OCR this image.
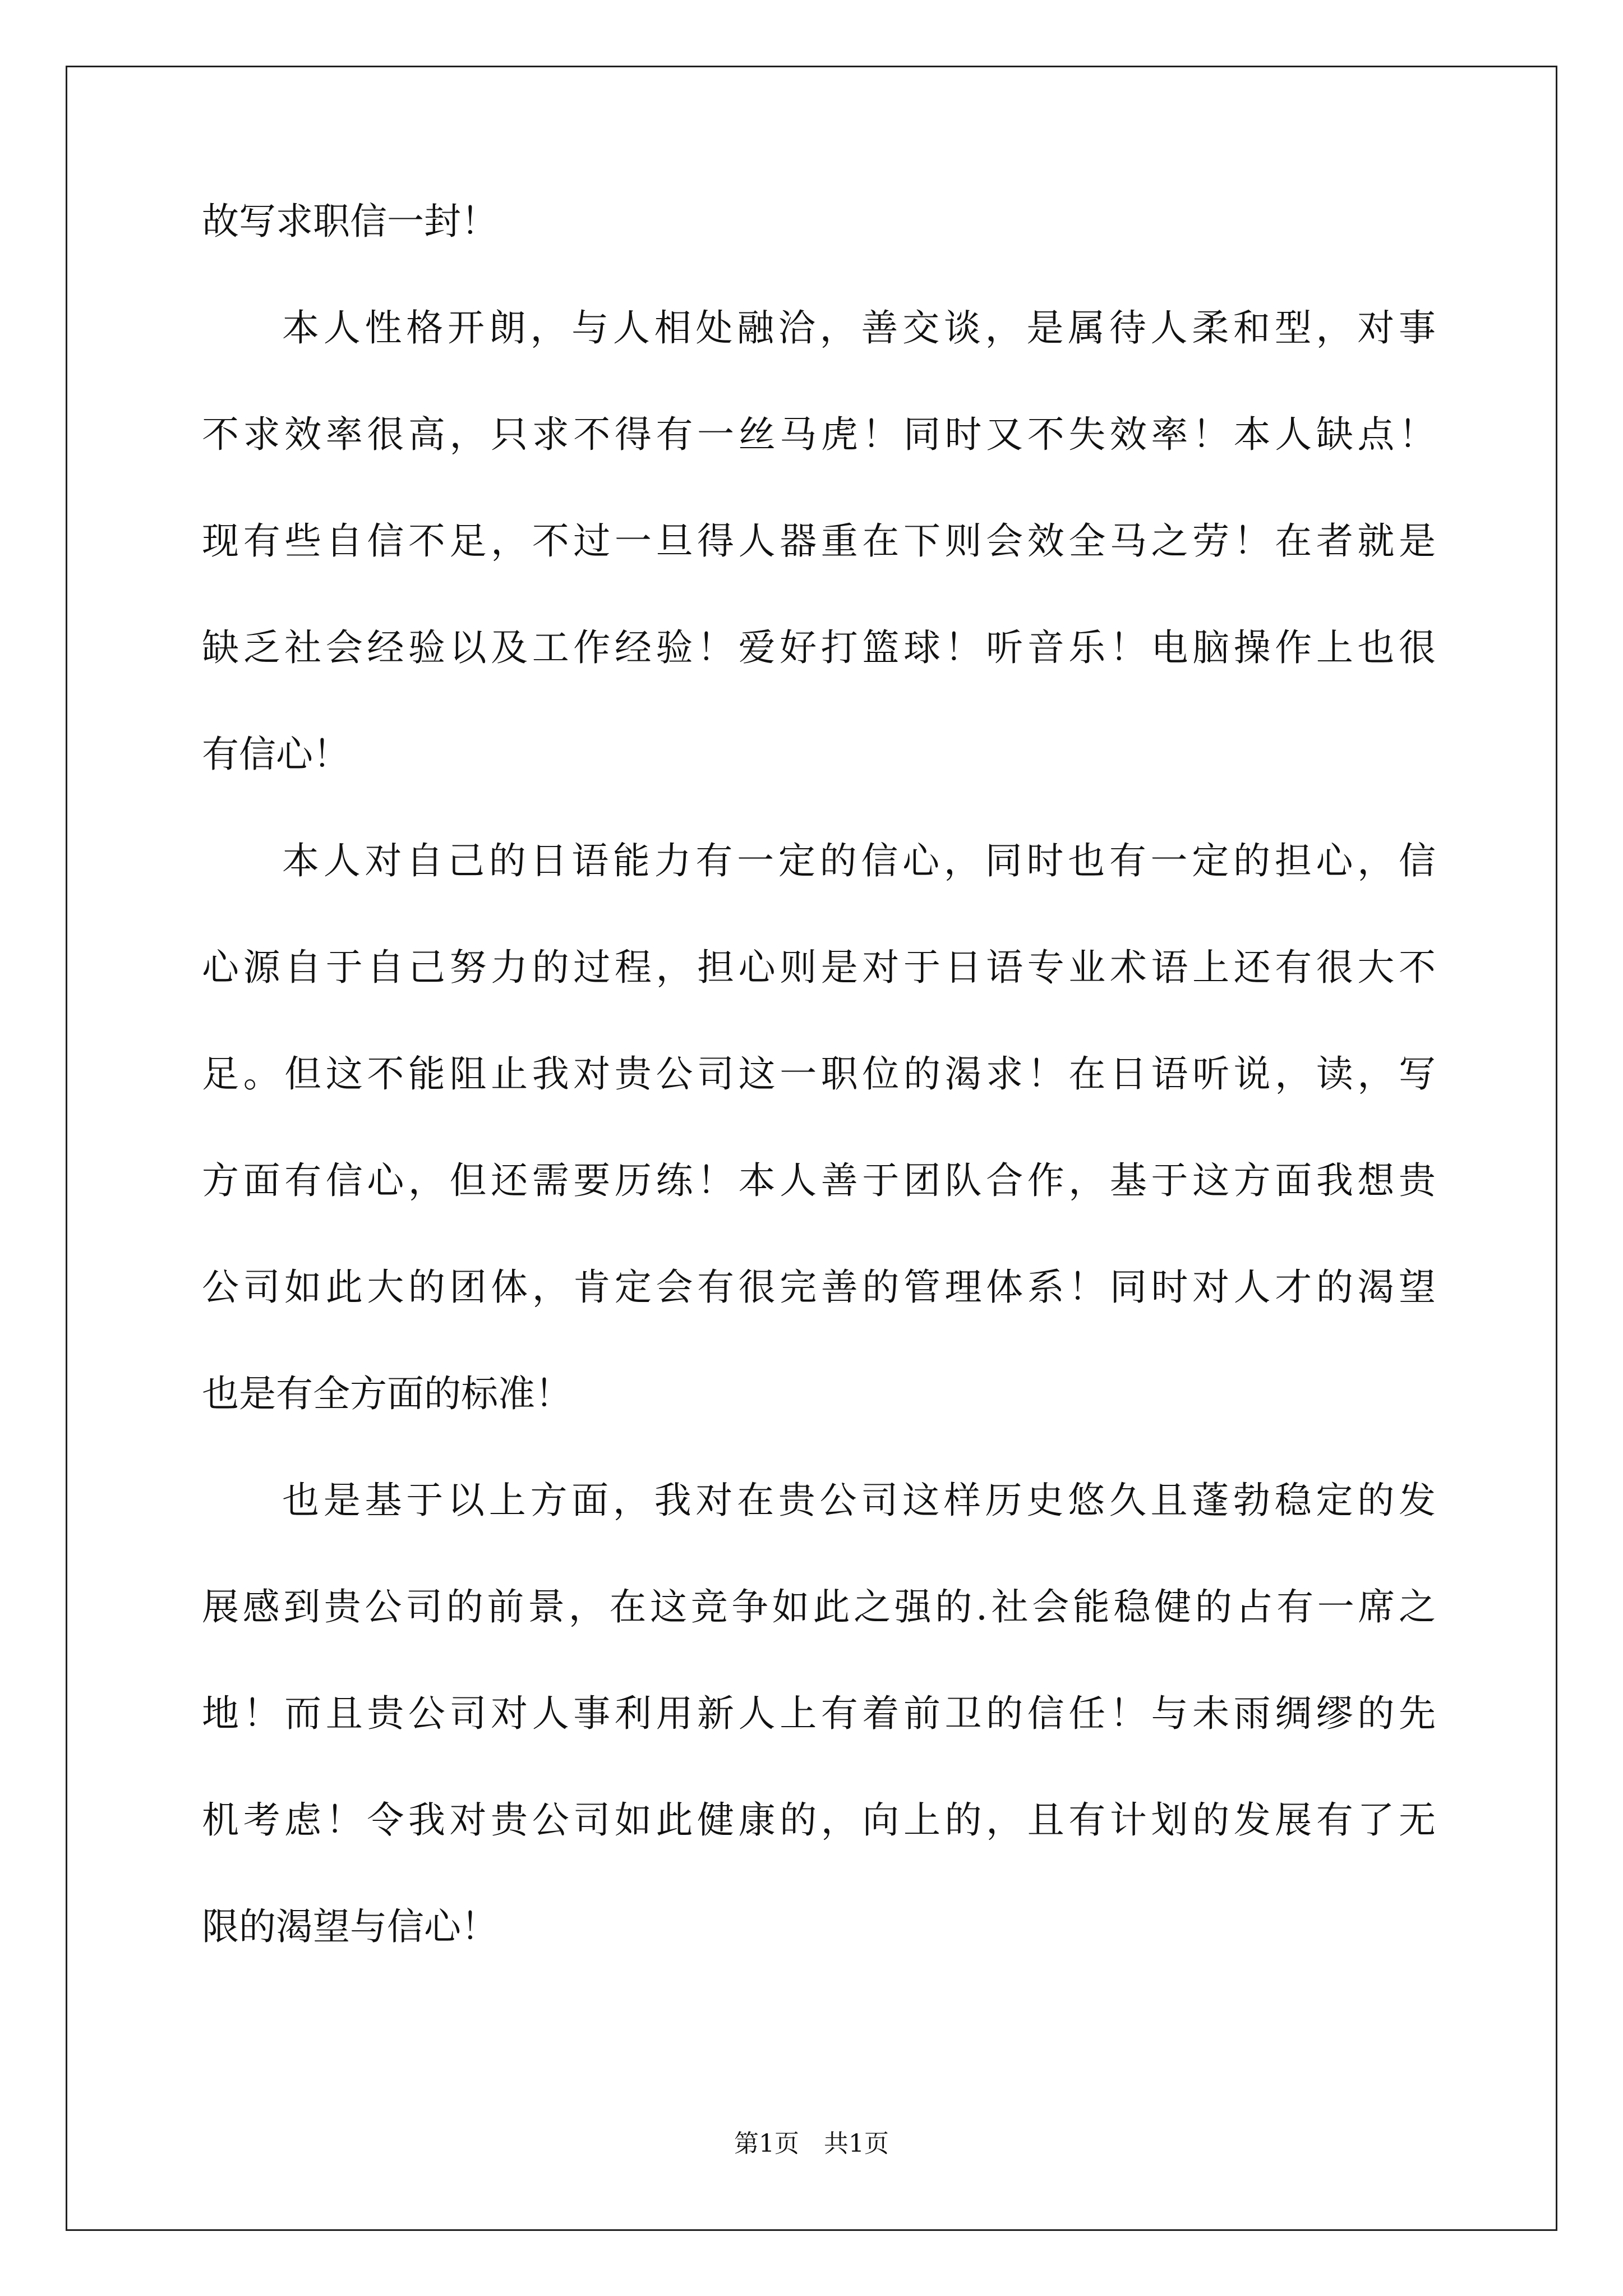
故写求职信一封！
本人性格开朗，与人相处融洽，善交谈，是属待人柔和型，对事
不求效率很高，只求不得有一丝马虎！同时又不失效率！本人缺点！
现有些自信不足，不过一旦得人器重在下则会效全马之劳！在者就是
缺乏社会经验以及工作经验！爱好打篮球！听音乐！电脑操作上也很
有信心！
本人对自己的日语能力有一定的信心，同时也有一定的担心，信
心源自于自己努力的过程，担心则是对于日语专业术语上还有很大不
足。但这不能阻止我对贵公司这一职位的渴求！在日语听说，读，写
方面有信心，但还需要历练！本人善于团队合作，基于这方面我想贵
公司如此大的团体，肯定会有很完善的管理体系！同时对人才的渴望
也是有全方面的标准！
也是基于以上方面，我对在贵公司这样历史悠久且蓬勃稳定的发
展感到贵公司的前景，在这竞争如此之强的.社会能稳健的占有一席之
地！而且贵公司对人事利用新人上有着前卫的信任！与未雨绸缪的先
机考虑！令我对贵公司如此健康的，向上的，且有计划的发展有了无
限的渴望与信心！
第1页　共1页
